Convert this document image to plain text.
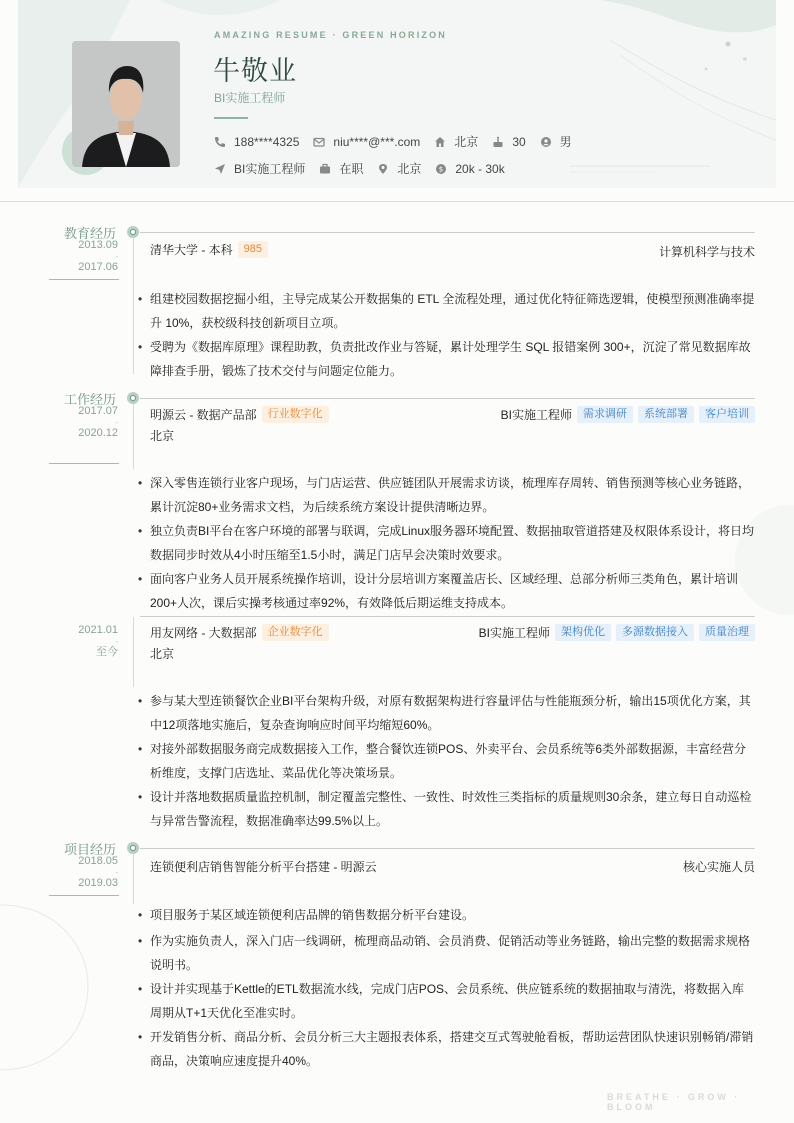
AMAZING RESUME · GREEN HORIZON
牛敬业
BI实施工程师
188****4325	niu****@***.com	北京	30	男
BI实施工程师	在职	北京	$ 20k - 30k
教育经历
2013.09
-
2017.06
清华大学 - 本科	985	计算机科学与技术
• 组建校园数据挖掘小组，主导完成某公开数据集的 ETL 全流程处理，通过优化特征筛选逻辑，使模型预测准确率提升 10%，获校级科技创新项目立项。
• 受聘为《数据库原理》课程助教，负责批改作业与答疑，累计处理学生 SQL 报错案例 300+，沉淀了常见数据库故障排查手册，锻炼了技术交付与问题定位能力。
工作经历
2017.07
-
2020.12
明源云 - 数据产品部	行业数字化	BI实施工程师	需求调研	系统部署	客户培训
北京
• 深入零售连锁行业客户现场，与门店运营、供应链团队开展需求访谈，梳理库存周转、销售预测等核心业务链路，累计沉淀80+业务需求文档，为后续系统方案设计提供清晰边界。
• 独立负责BI平台在客户环境的部署与联调，完成Linux服务器环境配置、数据抽取管道搭建及权限体系设计，将日均数据同步时效从4小时压缩至1.5小时，满足门店早会决策时效要求。
• 面向客户业务人员开展系统操作培训，设计分层培训方案覆盖店长、区域经理、总部分析师三类角色，累计培训200+人次，课后实操考核通过率92%，有效降低后期运维支持成本。
2021.01
-
至今
用友网络 - 大数据部	企业数字化	BI实施工程师	架构优化	多源数据接入	质量治理
北京
• 参与某大型连锁餐饮企业BI平台架构升级，对原有数据架构进行容量评估与性能瓶颈分析，输出15项优化方案，其中12项落地实施后，复杂查询响应时间平均缩短60%。
• 对接外部数据服务商完成数据接入工作，整合餐饮连锁POS、外卖平台、会员系统等6类外部数据源，丰富经营分析维度，支撑门店选址、菜品优化等决策场景。
• 设计并落地数据质量监控机制，制定覆盖完整性、一致性、时效性三类指标的质量规则30余条，建立每日自动巡检与异常告警流程，数据准确率达99.5%以上。
项目经历
2018.05
-
2019.03
连锁便利店销售智能分析平台搭建 - 明源云	核心实施人员
• 项目服务于某区域连锁便利店品牌的销售数据分析平台建设。
• 作为实施负责人，深入门店一线调研，梳理商品动销、会员消费、促销活动等业务链路，输出完整的数据需求规格说明书。
• 设计并实现基于Kettle的ETL数据流水线，完成门店POS、会员系统、供应链系统的数据抽取与清洗，将数据入库周期从T+1天优化至准实时。
• 开发销售分析、商品分析、会员分析三大主题报表体系，搭建交互式驾驶舱看板，帮助运营团队快速识别畅销/滞销商品，决策响应速度提升40%。
BREATHE · GROW · BLOOM
